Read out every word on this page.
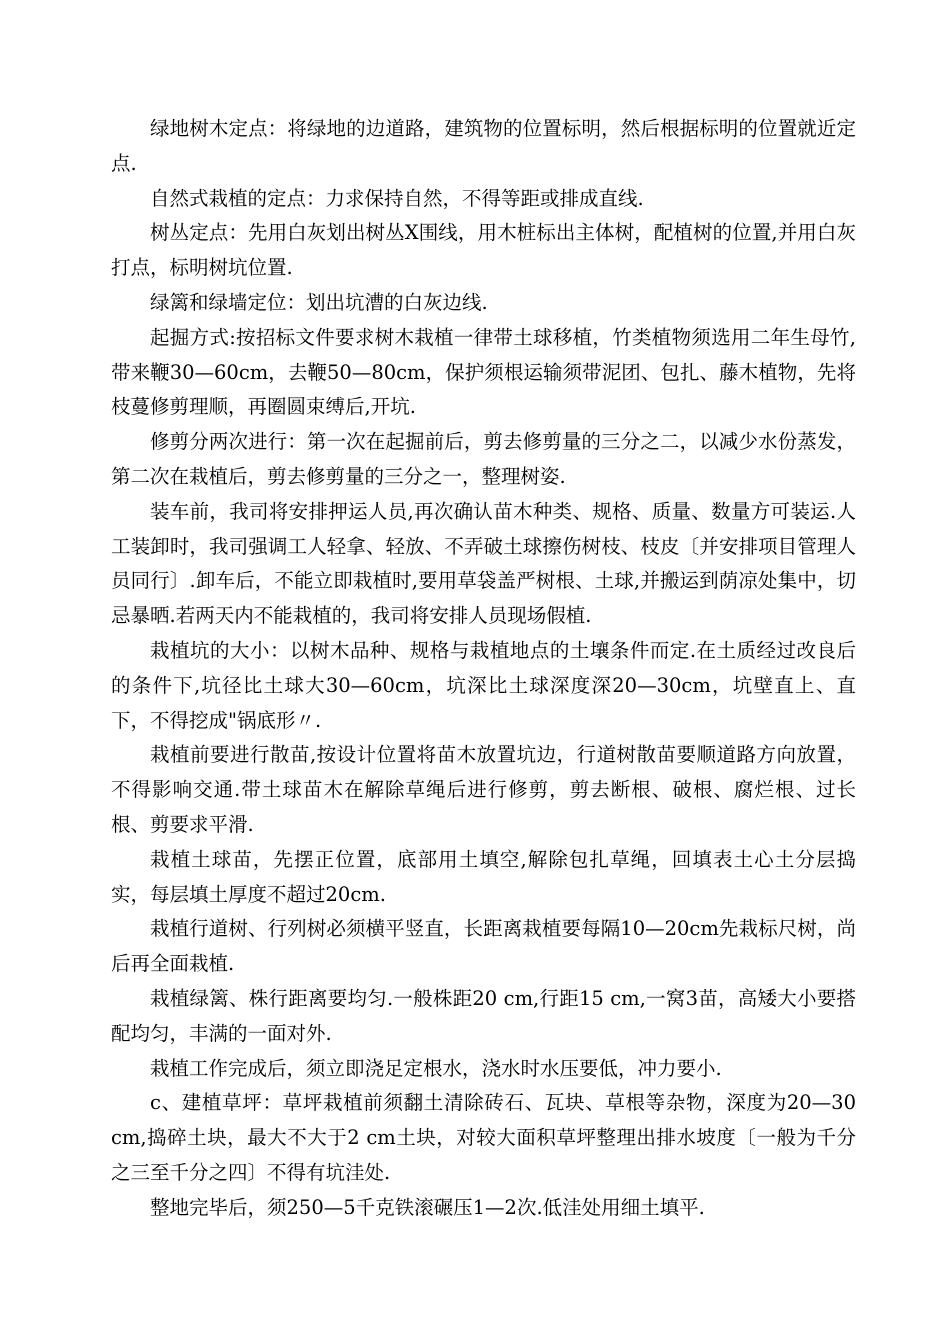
绿地树木定点：将绿地的边道路，建筑物的位置标明，然后根据标明的位置就近定点.

自然式栽植的定点：力求保持自然，不得等距或排成直线.

树丛定点：先用白灰划出树丛X围线，用木桩标出主体树，配植树的位置,并用白灰打点，标明树坑位置.

绿篱和绿墙定位：划出坑漕的白灰边线.

起掘方式:按招标文件要求树木栽植一律带土球移植，竹类植物须选用二年生母竹,带来鞭30—60cm，去鞭50—80cm，保护须根运输须带泥团、包扎、藤木植物，先将枝蔓修剪理顺，再圈圆束缚后,开坑.

修剪分两次进行：第一次在起掘前后，剪去修剪量的三分之二，以减少水份蒸发，第二次在栽植后，剪去修剪量的三分之一，整理树姿.

装车前，我司将安排押运人员,再次确认苗木种类、规格、质量、数量方可装运.人工装卸时，我司强调工人轻拿、轻放、不弄破土球擦伤树枝、枝皮〔并安排项目管理人员同行〕.卸车后，不能立即栽植时,要用草袋盖严树根、土球,并搬运到荫凉处集中，切忌暴晒.若两天内不能栽植的，我司将安排人员现场假植.

栽植坑的大小：以树木品种、规格与栽植地点的土壤条件而定.在土质经过改良后的条件下,坑径比土球大30—60cm，坑深比土球深度深20—30cm，坑壁直上、直下，不得挖成"锅底形〃.

栽植前要进行散苗,按设计位置将苗木放置坑边，行道树散苗要顺道路方向放置，不得影响交通.带土球苗木在解除草绳后进行修剪，剪去断根、破根、腐烂根、过长根、剪要求平滑.

栽植土球苗，先摆正位置，底部用土填空,解除包扎草绳，回填表土心土分层捣实，每层填土厚度不超过20cm.

栽植行道树、行列树必须横平竖直，长距离栽植要每隔10—20cm先栽标尺树，尚后再全面栽植.

栽植绿篱、株行距离要均匀.一般株距20 cm,行距15 cm,一窝3苗，高矮大小要搭配均匀，丰满的一面对外.

栽植工作完成后，须立即浇足定根水，浇水时水压要低，冲力要小.

c、建植草坪：草坪栽植前须翻土清除砖石、瓦块、草根等杂物，深度为20—30 cm,捣碎土块，最大不大于2 cm土块，对较大面积草坪整理出排水坡度〔一般为千分之三至千分之四〕不得有坑洼处.

整地完毕后，须250—5千克铁滚碾压1—2次.低洼处用细土填平.
